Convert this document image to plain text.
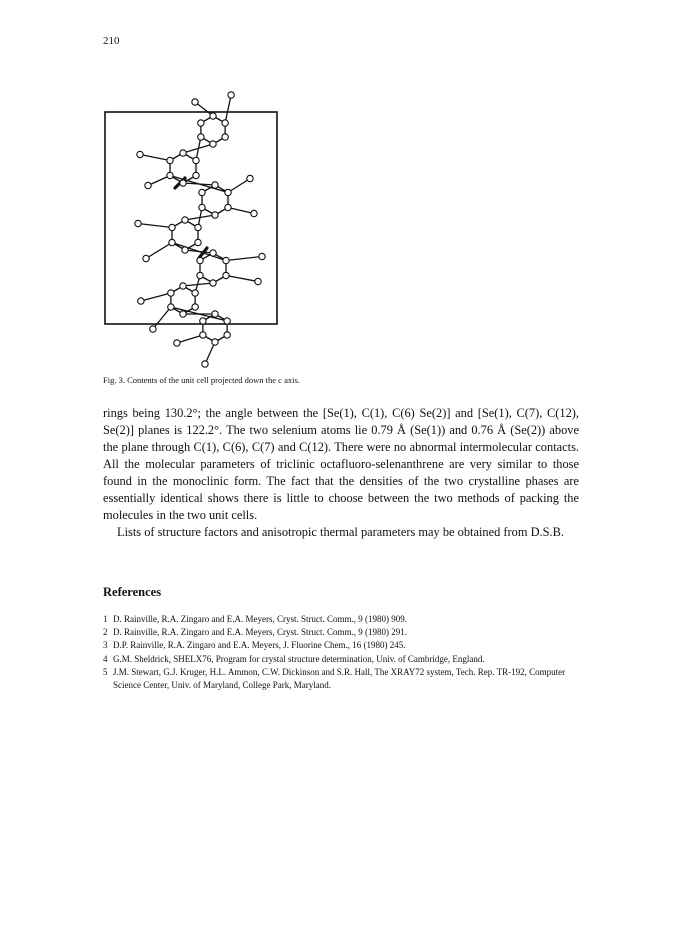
210
Fig. 3. Contents of the unit cell projected down the c axis.

rings being 130.2°; the angle between the [Se(1), C(1), C(6) Se(2)] and [Se(1), C(7), C(12), Se(2)] planes is 122.2°. The two selenium atoms lie 0.79 Å (Se(1)) and 0.76 Å (Se(2)) above the plane through C(1), C(6), C(7) and C(12). There were no abnormal intermolecular contacts. All the molecular parameters of triclinic octafluoro-selenanthrene are very similar to those found in the monoclinic form. The fact that the densities of the two crystalline phases are essentially identical shows there is little to choose between the two methods of packing the molecules in the two unit cells.

Lists of structure factors and anisotropic thermal parameters may be obtained from D.S.B.

References
1 D. Rainville, R.A. Zingaro and E.A. Meyers, Cryst. Struct. Comm., 9 (1980) 909.
2 D. Rainville, R.A. Zingaro and E.A. Meyers, Cryst. Struct. Comm., 9 (1980) 291.
3 D.P. Rainville, R.A. Zingaro and E.A. Meyers, J. Fluorine Chem., 16 (1980) 245.
4 G.M. Sheldrick, SHELX76, Program for crystal structure determination, Univ. of Cambridge, England.
5 J.M. Stewart, G.J. Kruger, H.L. Ammon, C.W. Dickinson and S.R. Hall, The XRAY72 system, Tech. Rep. TR-192, Computer Science Center, Univ. of Maryland, College Park, Maryland.
